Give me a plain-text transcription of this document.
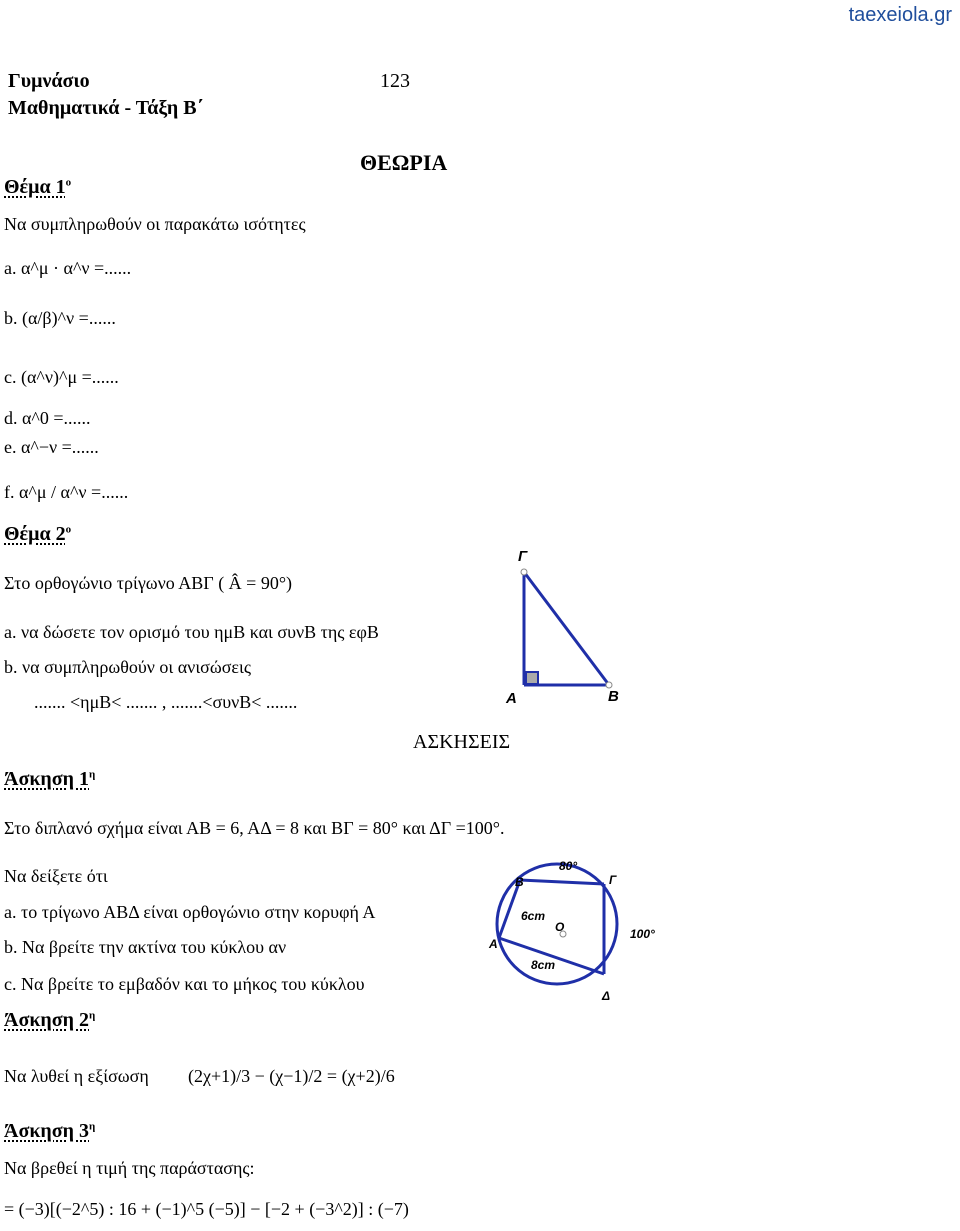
taexeiola.gr
Γυμνάσιο	123
Μαθηματικά - Τάξη Β΄
ΘΕΩΡΙΑ
Θέμα $1^o$
Να συμπληρωθούν οι παρακάτω ισότητες
a. α^μ · α^ν =......
b. (α/β)^ν =......
c. (α^ν)^μ =......
d. α^0 =......
e. α^−ν =......
f. α^μ / α^ν =......
Θέμα $2^o$
Στο ορθογώνιο τρίγωνο ΑΒΓ ( Â = 90°)
a. να δώσετε τον ορισμό του ημΒ και συνΒ της εφΒ
b. να συμπληρωθούν οι ανισώσεις
....... <ημΒ< ....... , .......<συνΒ< .......
Γ
A	B
ΑΣΚΗΣΕΙΣ
Άσκηση $1^\eta$
Στο διπλανό σχήμα είναι ΑΒ = 6, ΑΔ = 8 και ΒΓ = 80° και ΔΓ =100°.
Να δείξετε ότι
a. το τρίγωνο ΑΒΔ είναι ορθογώνιο στην κορυφή Α
b. Να βρείτε την ακτίνα του κύκλου αν
c. Να βρείτε το εμβαδόν και το μήκος του κύκλου
B	Γ
A
Δ
O
80°
100°
6cm
8cm
Άσκηση $2^\eta$
Να λυθεί η εξίσωση (2χ+1)/3 − (χ−1)/2 = (χ+2)/6
Άσκηση $3^\eta$
Να βρεθεί η τιμή της παράστασης:
= (−3)[(−2^5) : 16 + (−1)^5 (−5)] − [−2 + (−3^2)] : (−7)
